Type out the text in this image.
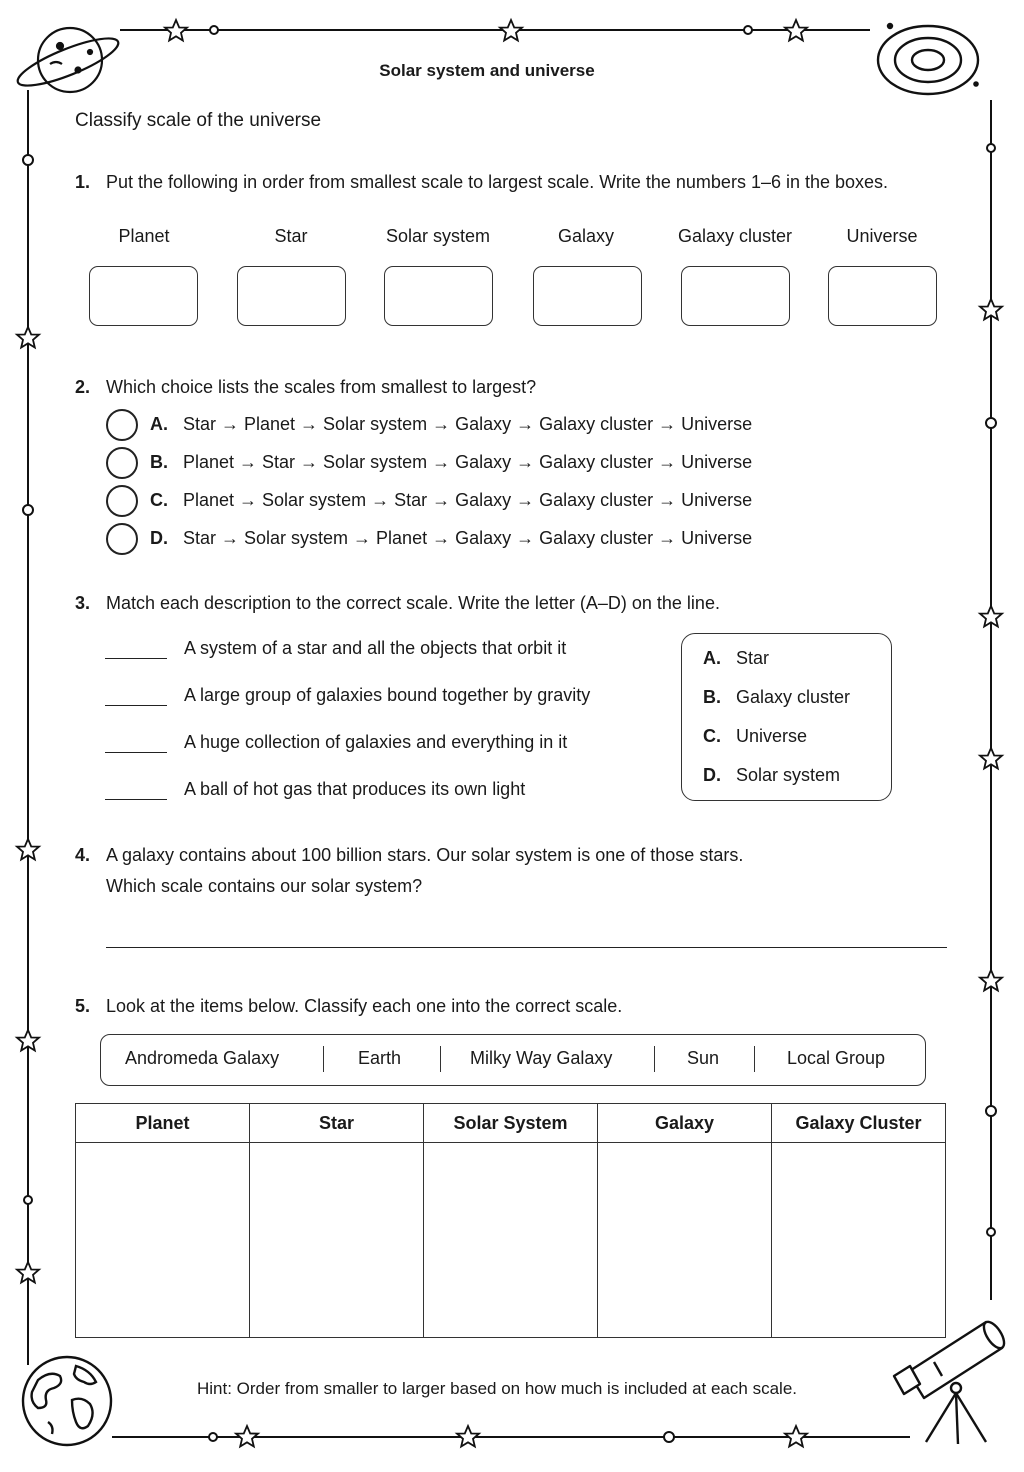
Solar system and universe
Classify scale of the universe
1. Put the following in order from smallest scale to largest scale. Write the numbers 1–6 in the boxes.
Planet	Star	Solar system	Galaxy	Galaxy cluster	Universe
2. Which choice lists the scales from smallest to largest?
A. Star → Planet → Solar system → Galaxy → Galaxy cluster → Universe
B. Planet → Star → Solar system → Galaxy → Galaxy cluster → Universe
C. Planet → Solar system → Star → Galaxy → Galaxy cluster → Universe
D. Star → Solar system → Planet → Galaxy → Galaxy cluster → Universe
3. Match each description to the correct scale. Write the letter (A–D) on the line.
A system of a star and all the objects that orbit it
A large group of galaxies bound together by gravity
A huge collection of galaxies and everything in it
A ball of hot gas that produces its own light
A. Star
B. Galaxy cluster
C. Universe
D. Solar system
4. A galaxy contains about 100 billion stars. Our solar system is one of those stars.
Which scale contains our solar system?
5. Look at the items below. Classify each one into the correct scale.
Andromeda Galaxy	Earth	Milky Way Galaxy	Sun	Local Group
Planet	Star	Solar System	Galaxy	Galaxy Cluster

Hint: Order from smaller to larger based on how much is included at each scale.
